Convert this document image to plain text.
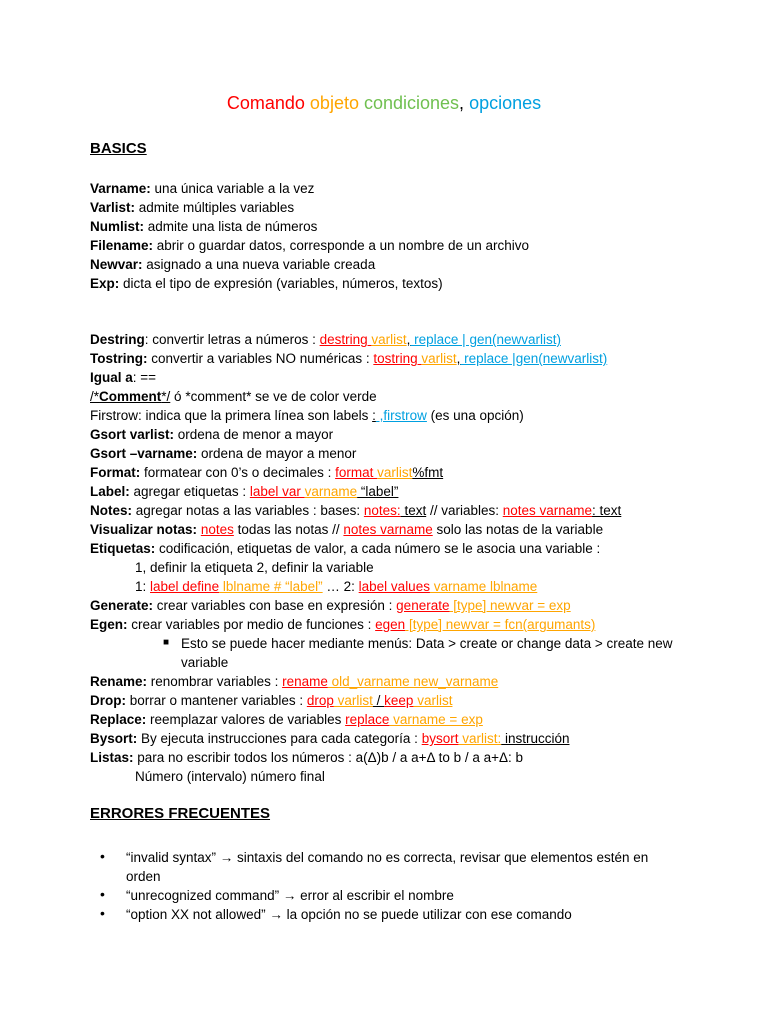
Comando objeto condiciones, opciones
BASICS
Varname: una única variable a la vez
Varlist: admite múltiples variables
Numlist: admite una lista de números
Filename: abrir o guardar datos, corresponde a un nombre de un archivo
Newvar: asignado a una nueva variable creada
Exp: dicta el tipo de expresión (variables, números, textos)
Destring: convertir letras a números : destring varlist, replace | gen(newvarlist)
Tostring: convertir a variables NO numéricas : tostring varlist, replace |gen(newvarlist)
Igual a: ==
/*Comment*/ ó *comment* se ve de color verde
Firstrow: indica que la primera línea son labels : ,firstrow (es una opción)
Gsort varlist: ordena de menor a mayor
Gsort –varname: ordena de mayor a menor
Format: formatear con 0’s o decimales : format varlist%fmt
Label: agregar etiquetas : label var varname “label”
Notes: agregar notas a las variables : bases: notes: text // variables: notes varname: text
Visualizar notas: notes todas las notas // notes varname solo las notas de la variable
Etiquetas: codificación, etiquetas de valor, a cada número se le asocia una variable :
1, definir la etiqueta 2, definir la variable
1: label define lblname # “label” … 2: label values varname lblname
Generate: crear variables con base en expresión : generate [type] newvar = exp
Egen: crear variables por medio de funciones : egen [type] newvar = fcn(argumants)
■ Esto se puede hacer mediante menús: Data > create or change data > create new
variable
Rename: renombrar variables : rename old_varname new_varname
Drop: borrar o mantener variables : drop varlist / keep varlist
Replace: reemplazar valores de variables replace varname = exp
Bysort: By ejecuta instrucciones para cada categoría : bysort varlist: instrucción
Listas: para no escribir todos los números : a(Δ)b / a a+Δ to b / a a+Δ: b
Número (intervalo) número final
ERRORES FRECUENTES
• “invalid syntax” → sintaxis del comando no es correcta, revisar que elementos estén en
orden
• “unrecognized command” → error al escribir el nombre
• “option XX not allowed” → la opción no se puede utilizar con ese comando
